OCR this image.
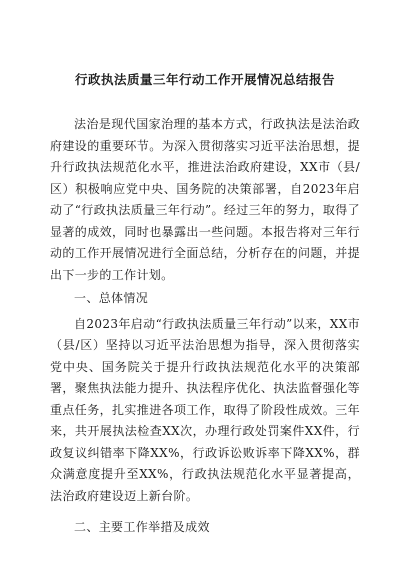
行政执法质量三年行动工作开展情况总结报告

法治是现代国家治理的基本方式，行政执法是法治政府建设的重要环节。为深入贯彻落实习近平法治思想，提升行政执法规范化水平，推进法治政府建设，XX市（县/区）积极响应党中央、国务院的决策部署，自2023年启动了“行政执法质量三年行动”。经过三年的努力，取得了显著的成效，同时也暴露出一些问题。本报告将对三年行动的工作开展情况进行全面总结，分析存在的问题，并提出下一步的工作计划。

一、总体情况

自2023年启动“行政执法质量三年行动”以来，XX市（县/区）坚持以习近平法治思想为指导，深入贯彻落实党中央、国务院关于提升行政执法规范化水平的决策部署，聚焦执法能力提升、执法程序优化、执法监督强化等重点任务，扎实推进各项工作，取得了阶段性成效。三年来，共开展执法检查XX次，办理行政处罚案件XX件，行政复议纠错率下降XX%，行政诉讼败诉率下降XX%，群众满意度提升至XX%，行政执法规范化水平显著提高，法治政府建设迈上新台阶。

二、主要工作举措及成效
